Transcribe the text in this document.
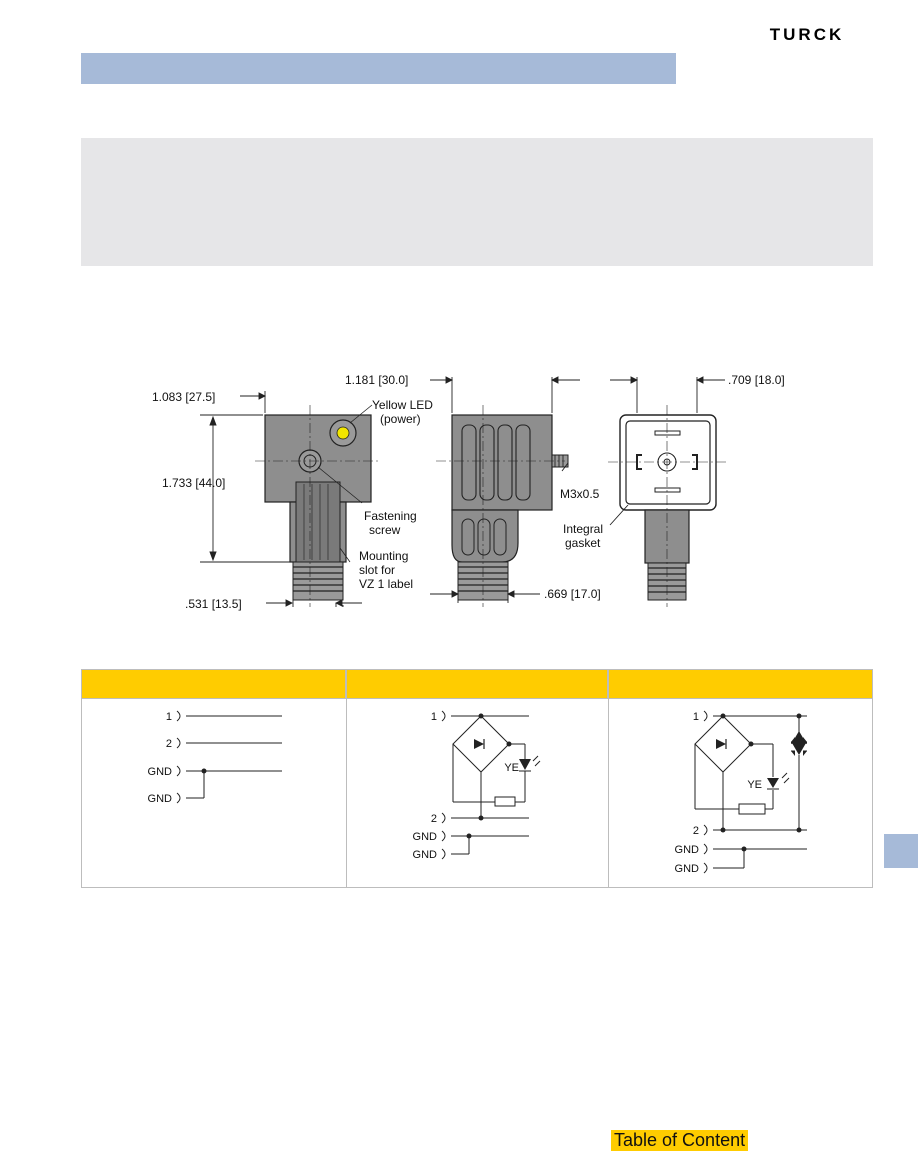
TURCK
1.083 [27.5]
1.733 [44.0]
.531 [13.5]
Yellow LED
(power)
Fastening
screw
Mounting
slot for
VZ 1 label
1.181 [30.0]
M3x0.5
.669 [17.0]
.709 [18.0]
Integral
gasket
1
2
GND
GND
1
2
GND
GND
YE
1
2
GND
GND
YE
Table of Content
